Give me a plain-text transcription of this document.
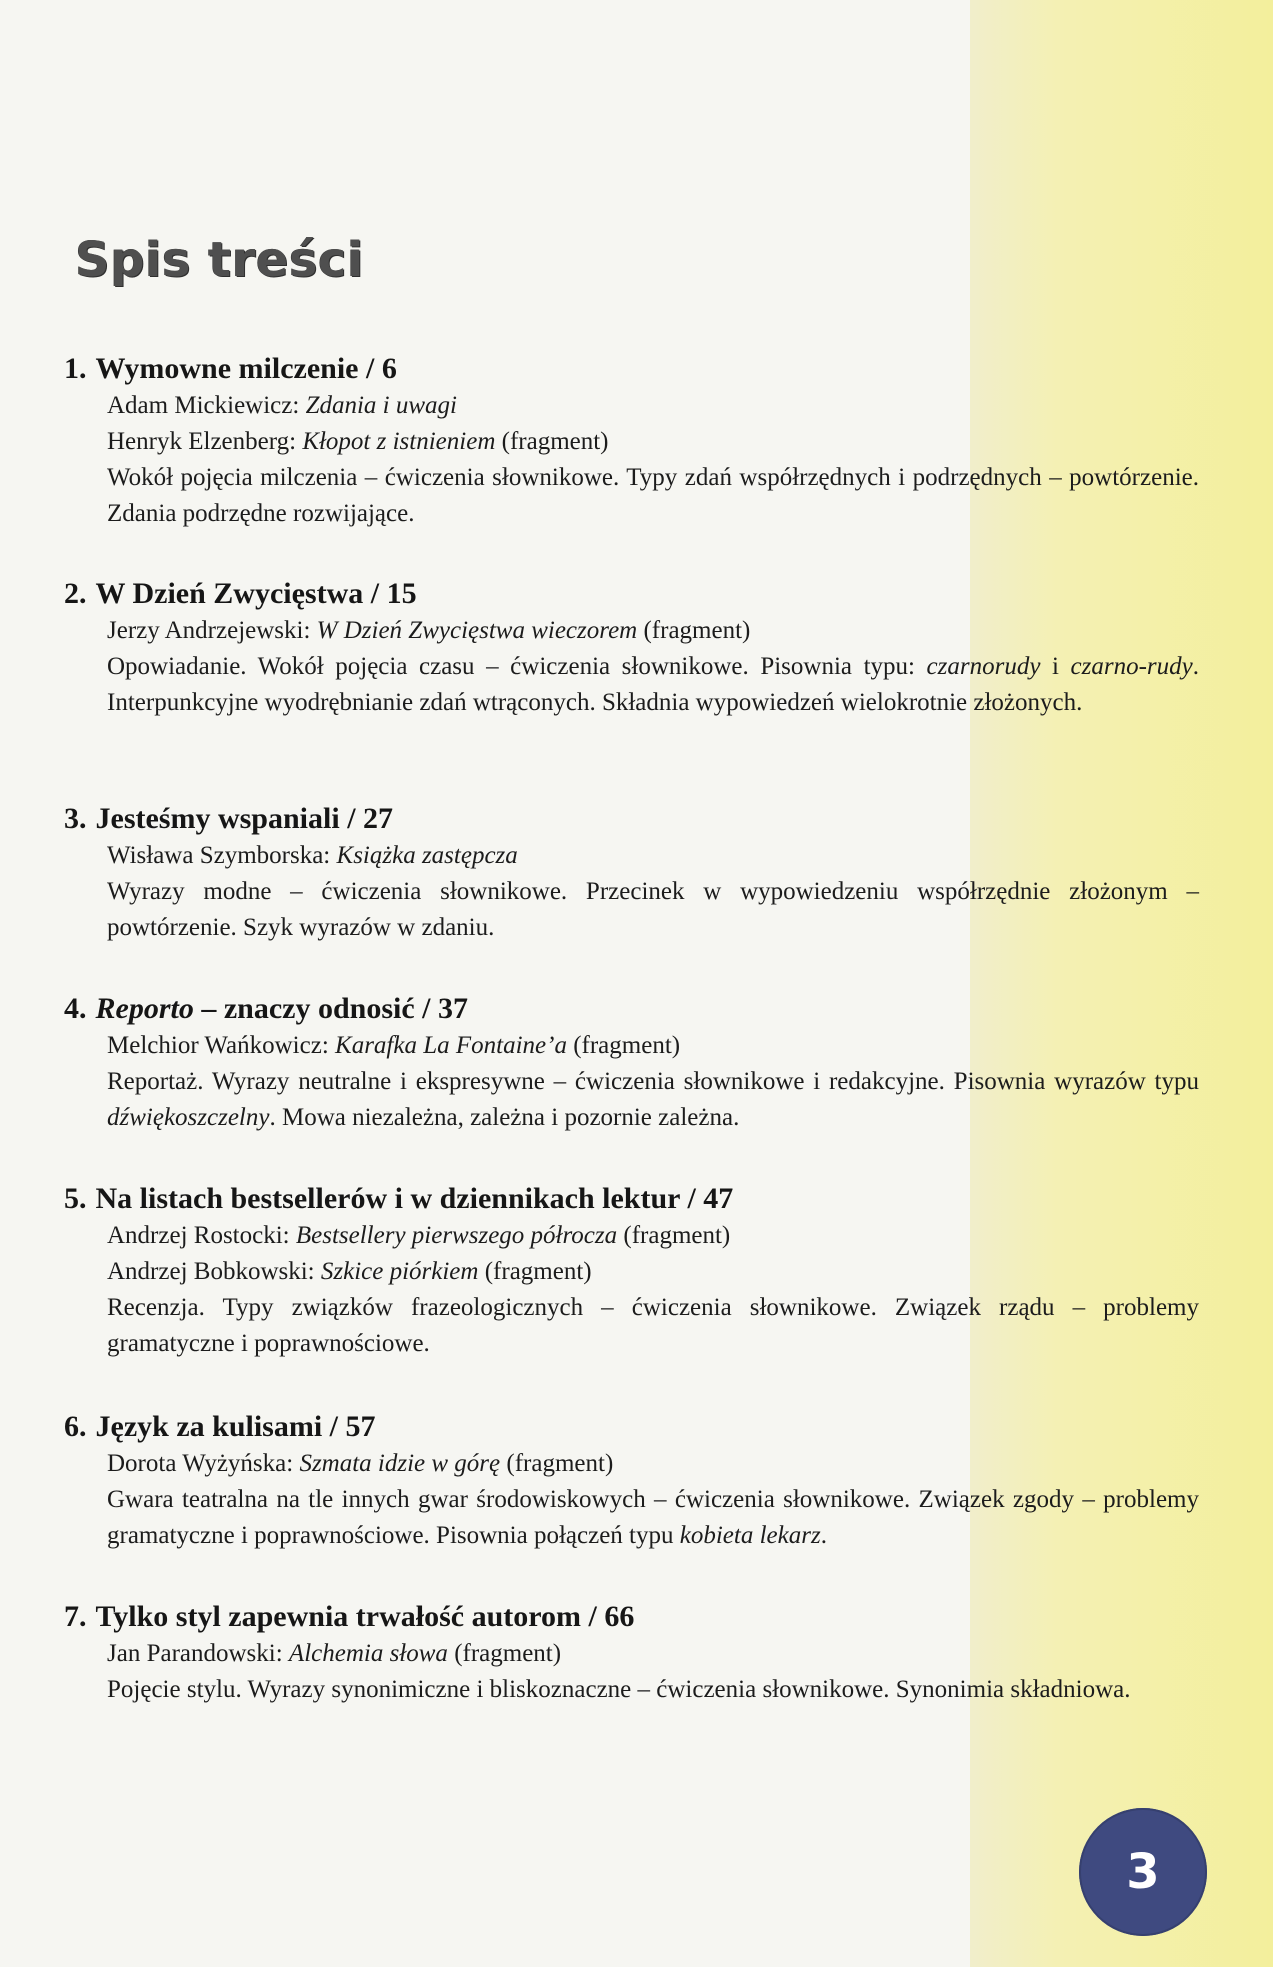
Spis treści

1. Wymowne milczenie / 6

Adam Mickiewicz: Zdania i uwagi
Henryk Elzenberg: Kłopot z istnieniem (fragment)
Wokół pojęcia milczenia – ćwiczenia słownikowe. Typy zdań współrzędnych i podrzędnych – powtórzenie. Zdania podrzędne rozwijające.

2. W Dzień Zwycięstwa / 15

Jerzy Andrzejewski: W Dzień Zwycięstwa wieczorem (fragment)
Opowiadanie. Wokół pojęcia czasu – ćwiczenia słownikowe. Pisownia typu: czarnorudy i czarno-rudy. Interpunkcyjne wyodrębnianie zdań wtrąconych. Składnia wypowiedzeń wielokrotnie złożonych.

3. Jesteśmy wspaniali / 27

Wisława Szymborska: Książka zastępcza
Wyrazy modne – ćwiczenia słownikowe. Przecinek w wypowiedzeniu współrzędnie złożonym – powtórzenie. Szyk wyrazów w zdaniu.

4. Reporto – znaczy odnosić / 37

Melchior Wańkowicz: Karafka La Fontaine’a (fragment)
Reportaż. Wyrazy neutralne i ekspresywne – ćwiczenia słownikowe i redakcyjne. Pisownia wyrazów typu dźwiękoszczelny. Mowa niezależna, zależna i pozornie zależna.

5. Na listach bestsellerów i w dziennikach lektur / 47

Andrzej Rostocki: Bestsellery pierwszego półrocza (fragment)
Andrzej Bobkowski: Szkice piórkiem (fragment)
Recenzja. Typy związków frazeologicznych – ćwiczenia słownikowe. Związek rządu – problemy gramatyczne i poprawnościowe.

6. Język za kulisami / 57

Dorota Wyżyńska: Szmata idzie w górę (fragment)
Gwara teatralna na tle innych gwar środowiskowych – ćwiczenia słownikowe. Związek zgody – problemy gramatyczne i poprawnościowe. Pisownia połączeń typu kobieta lekarz.

7. Tylko styl zapewnia trwałość autorom / 66

Jan Parandowski: Alchemia słowa (fragment)
Pojęcie stylu. Wyrazy synonimiczne i bliskoznaczne – ćwiczenia słownikowe. Synonimia składniowa.
3
